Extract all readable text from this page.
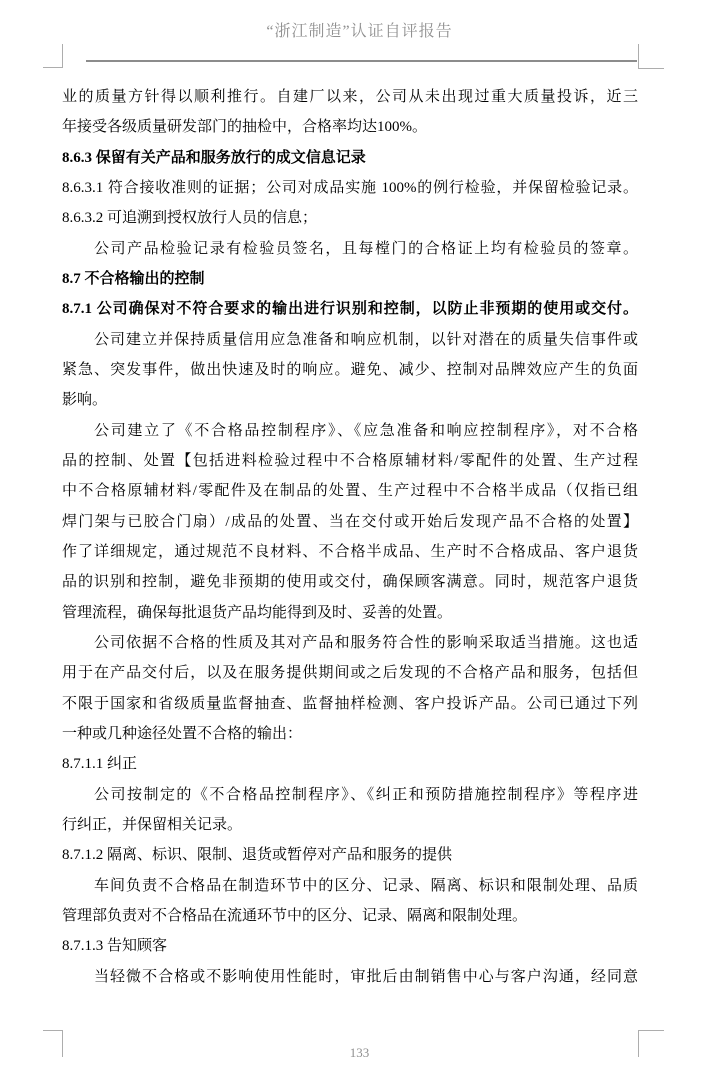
“浙江制造”认证自评报告
业的质量方针得以顺利推行。自建厂以来，公司从未出现过重大质量投诉，近三
年接受各级质量研发部门的抽检中，合格率均达100%。
8.6.3 保留有关产品和服务放行的成文信息记录
8.6.3.1 符合接收准则的证据；公司对成品实施 100%的例行检验，并保留检验记录。
8.6.3.2 可追溯到授权放行人员的信息；
公司产品检验记录有检验员签名，且每樘门的合格证上均有检验员的签章。
8.7 不合格输出的控制
8.7.1 公司确保对不符合要求的输出进行识别和控制，以防止非预期的使用或交付。
公司建立并保持质量信用应急准备和响应机制，以针对潜在的质量失信事件或
紧急、突发事件，做出快速及时的响应。避免、减少、控制对品牌效应产生的负面
影响。
公司建立了《不合格品控制程序》、《应急准备和响应控制程序》，对不合格
品的控制、处置【包括进料检验过程中不合格原辅材料/零配件的处置、生产过程
中不合格原辅材料/零配件及在制品的处置、生产过程中不合格半成品（仅指已组
焊门架与已胶合门扇）/成品的处置、当在交付或开始后发现产品不合格的处置】
作了详细规定，通过规范不良材料、不合格半成品、生产时不合格成品、客户退货
品的识别和控制，避免非预期的使用或交付，确保顾客满意。同时，规范客户退货
管理流程，确保每批退货产品均能得到及时、妥善的处置。
公司依据不合格的性质及其对产品和服务符合性的影响采取适当措施。这也适
用于在产品交付后，以及在服务提供期间或之后发现的不合格产品和服务，包括但
不限于国家和省级质量监督抽查、监督抽样检测、客户投诉产品。公司已通过下列
一种或几种途径处置不合格的输出：
8.7.1.1 纠正
公司按制定的《不合格品控制程序》、《纠正和预防措施控制程序》等程序进
行纠正，并保留相关记录。
8.7.1.2 隔离、标识、限制、退货或暂停对产品和服务的提供
车间负责不合格品在制造环节中的区分、记录、隔离、标识和限制处理、品质
管理部负责对不合格品在流通环节中的区分、记录、隔离和限制处理。
8.7.1.3 告知顾客
当轻微不合格或不影响使用性能时，审批后由制销售中心与客户沟通，经同意
133
